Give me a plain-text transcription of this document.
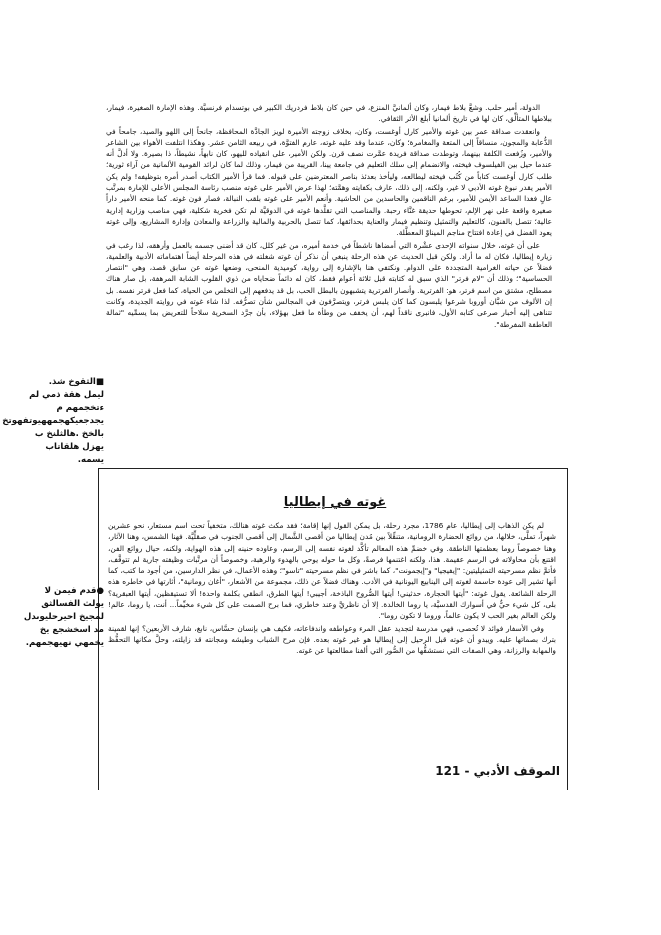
الدولة، أمير حلب. وشعَّ بلاط فيمار، وكان ألمانيَّ المنزع، في حين كان بلاط فردريك الكبير في بوتسدام فرنسيَّة. وهذه الإمارة الصغيرة، فيمار، ببلاطها المتألِّق، كان لها في تاريخ ألمانيا أبلغ الأثر الثقافي.

وانعقدت صداقة عمر بين غوته والأمير كارل أوغست، وكان، بخلاف زوجته الأميرة لويز الجادَّة المحافظة، جانحاً إلى اللهو والصيد، جامحاً في الدُّعابة والمجون، منساقاً إلى المتعة والمغامرة؛ وكان، عندما وفد عليه غوته، عارم الفتوَّة، في ربيعه الثامن عشر. وهكذا انتلفت الأهواء بين الشاعر والأمير، وزُفعت الكلفة بينهما، وتوطدت صداقة فريدة عمَّرت نصف قرن. ولكن الأمير، على انقياده لليهو، كان نابهاً، نشيطاً، ذا بصيرة. ولا أدلَّ أنه عندما حيل بين الفيلسوف فيخته، والانضمام إلى سلك التعليم في جامعة يينا، القريبة من فيمار، وذلك لما كان لرائد القومية الألمانية من آراء ثورية؛ طلب كارل أوغست كتاباً من كُتُب فيخته ليطالعه، وليأخذ بعدئذ بناصر المعترضين على قبوله. فما قرأ الأمير الكتاب أصدر أمره بتوظيفه! ولم يكن الأمير يقدر نبوغ غوته الأدبي لا غير، ولكنه، إلى ذلك، عارف بكفايته وهمَّته؛ لهذا عرض الأمير على غوته منصب رئاسة المجلس الأعلى للإمارة بمرتَّب عالٍ فغدا الساعد الأيمن للأمير، برغم الناقمين والحاسدين من الحاشية. وأنعم الأمير على غوته بلقب النبالة، فصار فون غوته. كما منحه الأمير داراً صغيرة واقعة على نهر الإلم، تحوطها حديقة غنَّاء رحبة. والمناصب التي تقلَّدها غوته في الدوقيَّة لم تكن فخرية شكلية، فهي مناصب وزارية إدارية عالية؛ تتصل بالفنون، كالتعليم والتمثيل وتنظيم فيمار والعناية بحدائقها، كما تتصل بالحربية والمالية والزراعة والمعادن وإدارة المشاريع، وإلى غوته يعود الفضل في إعادة افتتاح مناجم الميناوْ المعطَّلة.

على أن غوته، خلال سنواته الإحدى عشْرة التي أمضاها ناشطاً في خدمة أميره، من غير كلل، كان قد أضنى جسمه بالعمل وأرهقه، لذا رغب في زيارة إيطاليا، فكان له ما أراد. ولكن قبل الحديث عن هذه الرحلة ينبغي أن نذكر أن غوته شغلته في هذه المرحلة أيضاً اهتماماته الأدبية والعلمية، فضلاً عن حياته الغرامية المتجددة على الدوام. ونكتفي هنا بالإشارة إلى رواية، كوميدية المنحى، وضعها غوته عن سابق قصد، وهي "انتصار الحساسية"؛ وذلك أن "لام فرتر" الذي سبق له كتابته قبل ثلاثة أعوام فقط، كان له دائماً ضحاياه من ذوي القلوب الشابة المرهفة، بل صار هناك مصطلح، مشتق من اسم فرتر، هو: الفرترية. وأنصار الفرترية يتشبهون بالبطل الحب، بل قد يدفعهم إلى التخلص من الحياة، كما فعل فرتر نفسه. بل إن الألوف من شبَّان أوروبا شرعوا يلبسون كما كان يلبس فرتر، ويتصرَّفون في المجالس شأن تصرُّفه. لذا شاء غوته في روايته الجديدة، وكانت تتناهى إليه أخبار صرعى كتابه الأول، فانبرى ناقداً لهم، أن يخفف من وطأة ما فعل بهؤلاء، بأن جرَّد السخرية سلاحاً للتعريض بما يسمِّيه "ثمالة العاطفة المفرطة".

■الثقوخ شذ.
ليمل هقة ذمي لم ءتخجمهم م يجدجعيكهجمههيوتفهوتخ بالخخ .هالثلنخ ب يهزل هلقاتاب يسمه.
غوته في إيطاليا

لم يكن الذهاب إلى إيطاليا، عام 1786، مجرد رحلة، بل يمكن القول إنها إقامة؛ فقد مكث غوته هنالك، متخفياً تحت اسم مستعار، نحو عشرين شهراً، تملَّى، خلالها، من روائع الحضارة الرومانية، متنقِّلاً بين مُدن إيطاليا من أقصى الشَّمال إلى أقصى الجنوب في صقلِّيَّة. فهنا الشمس، وهنا الآثار، وهنا خصوصاً روما بعظمتها الناطقة. وفي خضمِّ هذه المعالم تأكَّد لغوته نفسه إلى الرسم، وعاوده حنينه إلى هذه الهواية، ولكنه، حيال روائع الفن، اقتنع بأن محاولاته في الرسم عقيمة. هذا، ولكنه اغتنمها فرصةً، وكل ما حوله يوحي بالهدوء والرهبة، وخصوصاً أن مرتَّبات وظيفته جارية لم تتوقَّف، فأتمَّ نظم مسرحيته التمثيليتين: "إيفيجيا" و"إيجمونت"، كما باشر في نظم مسرحيته "تاسو"؛ وهذه الأعمال، في نظر الدارسين، من أجود ما كتب، كما أنها تشير إلى عودة حاسمة لغوته إلى الينابيع اليونانية في الأدب. وهناك فضلاً عن ذلك، مجموعة من الأشعار، "أغان رومانية"، أثارتها في خاطره هذه الرحلة الشائعة. يقول غوته: "أيتها الحجارة، حدثيني! أيتها الصُّروح الباذخة، أجيبي! أيتها الطرق، انطقي بكلمة واحدة! ألا تستيقظين، أيتها العبقرية؟ بلى، كل شيء حيٌّ في أسوارك القدسيَّة، يا روما الخالدة. إلا أن ناظريَّ وعند خاطري، فما برح الصمت على كل شيء مخيِّماً... أنت، يا روما، عالم! ولكن العالم بغير الحب لا يكون عالماً، وروما لا تكون روما".

وفي الأسفار فوائد لا تُحصى، فهي مدرسة لتجديد عقل المرء وعواطفه واندفاعاته، فكيف هي بإنسان حسَّاس، نابغ، شارف الأربعين؟ إنها لقمينة بترك بصماتها عليه. ويبدو أن غوته قبل الرحيل إلى إيطاليا هو غير غوته بعده. فإن مرح الشباب وطيشه ومجانته قد زايلته، وحلَّ مكانها التحفُّظ والمهابة والرزانة، وهي الصفات التي نستشفُّها من الصُّور التي ألفنا مطالعتها عن غوته.

●قدم فيمن لا
يولث الفسالثق لمجيخ احيرحليوىدل مد اسخشجع يخ يخمهي نهيهجمهم.
الموقف الأدبي - 121
